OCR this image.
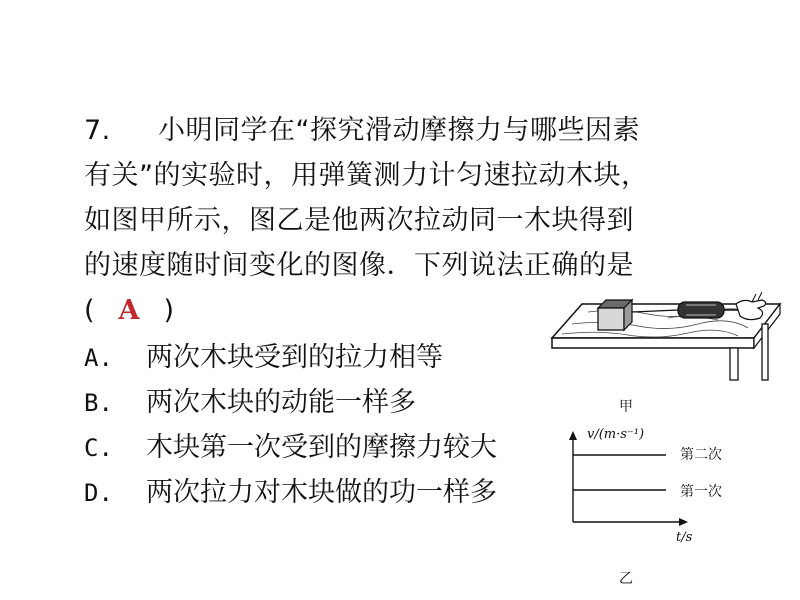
7. 小明同学在“探究滑动摩擦力与哪些因素
有关”的实验时，用弹簧测力计匀速拉动木块，
如图甲所示，图乙是他两次拉动同一木块得到
的速度随时间变化的图像．下列说法正确的是
( A )
A. 两次木块受到的拉力相等
B. 两次木块的动能一样多
C. 木块第一次受到的摩擦力较大
D. 两次拉力对木块做的功一样多
甲
v/(m·s⁻¹)
第二次
第一次
t/s
乙
